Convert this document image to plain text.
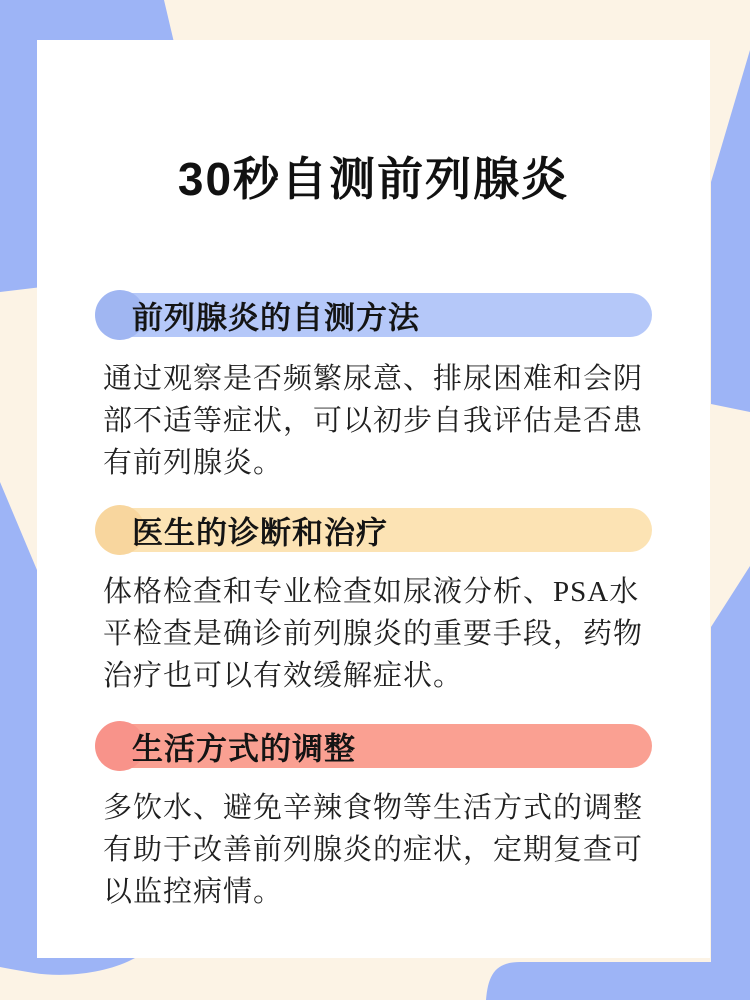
30秒自测前列腺炎
前列腺炎的自测方法
通过观察是否频繁尿意、排尿困难和会阴部不适等症状，可以初步自我评估是否患有前列腺炎。
医生的诊断和治疗
体格检查和专业检查如尿液分析、PSA水平检查是确诊前列腺炎的重要手段，药物治疗也可以有效缓解症状。
生活方式的调整
多饮水、避免辛辣食物等生活方式的调整有助于改善前列腺炎的症状，定期复查可以监控病情。
